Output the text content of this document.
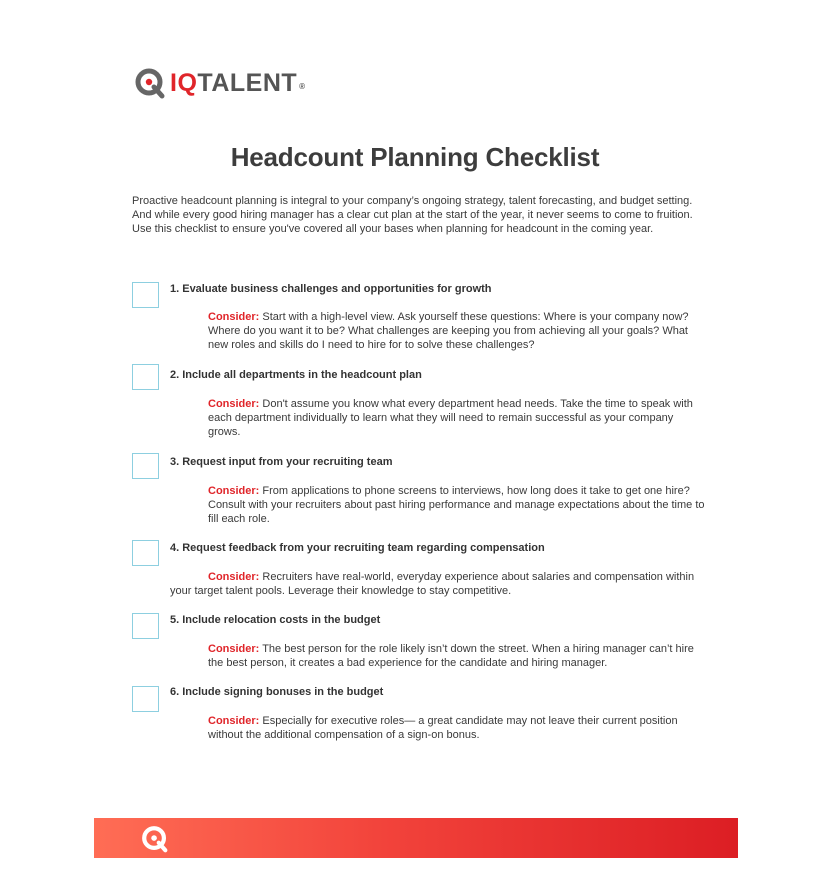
IQTALENT ®
Headcount Planning Checklist
Proactive headcount planning is integral to your company’s ongoing strategy, talent forecasting, and budget setting. And while every good hiring manager has a clear cut plan at the start of the year, it never seems to come to fruition. Use this checklist to ensure you've covered all your bases when planning for headcount in the coming year.
1. Evaluate business challenges and opportunities for growth
Consider: Start with a high-level view. Ask yourself these questions: Where is your company now? Where do you want it to be? What challenges are keeping you from achieving all your goals? What new roles and skills do I need to hire for to solve these challenges?
2. Include all departments in the headcount plan
Consider: Don't assume you know what every department head needs. Take the time to speak with each department individually to learn what they will need to remain successful as your company grows.
3. Request input from your recruiting team
Consider: From applications to phone screens to interviews, how long does it take to get one hire? Consult with your recruiters about past hiring performance and manage expectations about the time to fill each role.
4. Request feedback from your recruiting team regarding compensation
Consider: Recruiters have real-world, everyday experience about salaries and compensation within your target talent pools. Leverage their knowledge to stay competitive.
5. Include relocation costs in the budget
Consider: The best person for the role likely isn’t down the street. When a hiring manager can’t hire the best person, it creates a bad experience for the candidate and hiring manager.
6. Include signing bonuses in the budget
Consider: Especially for executive roles— a great candidate may not leave their current position without the additional compensation of a sign-on bonus.
